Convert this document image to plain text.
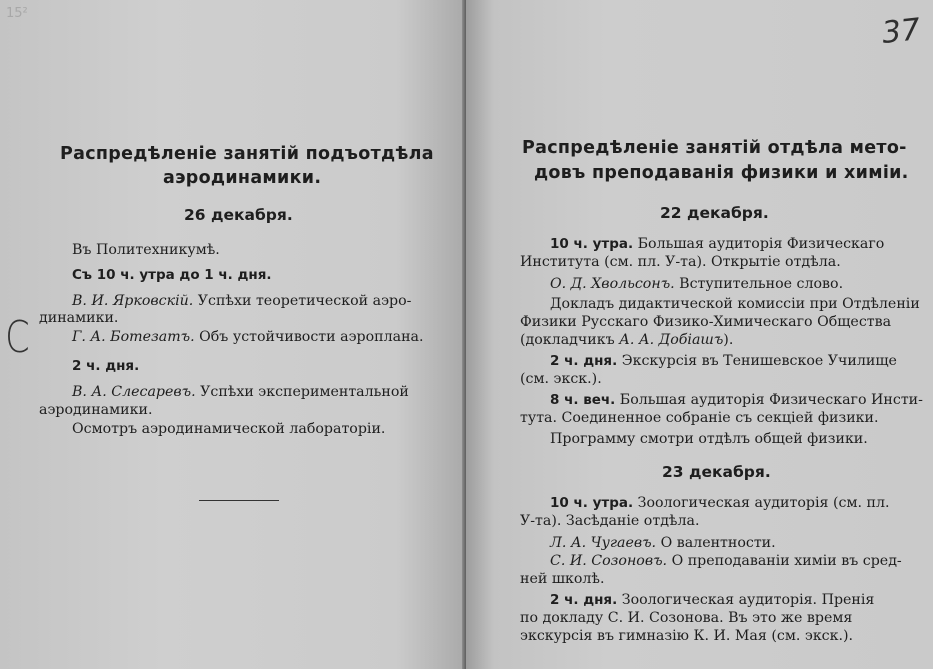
15²
Распредѣленіе занятій подъотдѣла
аэродинамики.
26 декабря.
Въ Политехникумѣ.
Съ 10 ч. утра до 1 ч. дня.
В. И. Ярковскій. Успѣхи теоретической аэро-
динамики.
Г. А. Ботезатъ. Объ устойчивости аэроплана.
2 ч. дня.
В. А. Слесаревъ. Успѣхи экспериментальной
аэродинамики.
Осмотръ аэродинамической лабораторіи.
C
Распредѣленіе занятій отдѣла мето-
довъ преподаванія физики и химіи.
22 декабря.
10 ч. утра. Большая аудиторія Физическаго
Института (см. пл. У-та). Открытіе отдѣла.
О. Д. Хвольсонъ. Вступительное слово.
Докладъ дидактической комиссіи при Отдѣленіи
Физики Русскаго Физико-Химическаго Общества
(докладчикъ А. А. Добіашъ).
2 ч. дня. Экскурсія въ Тенишевское Училище
(см. экск.).
8 ч. веч. Большая аудиторія Физическаго Инсти-
тута. Соединенное собраніе съ секціей физики.
Программу смотри отдѣлъ общей физики.
23 декабря.
10 ч. утра. Зоологическая аудиторія (см. пл.
У-та). Засѣданіе отдѣла.
Л. А. Чугаевъ. О валентности.
С. И. Созоновъ. О преподаваніи химіи въ сред-
ней школѣ.
2 ч. дня. Зоологическая аудиторія. Пренія
по докладу С. И. Созонова. Въ это же время
экскурсія въ гимназію К. И. Мая (см. экск.).
37
